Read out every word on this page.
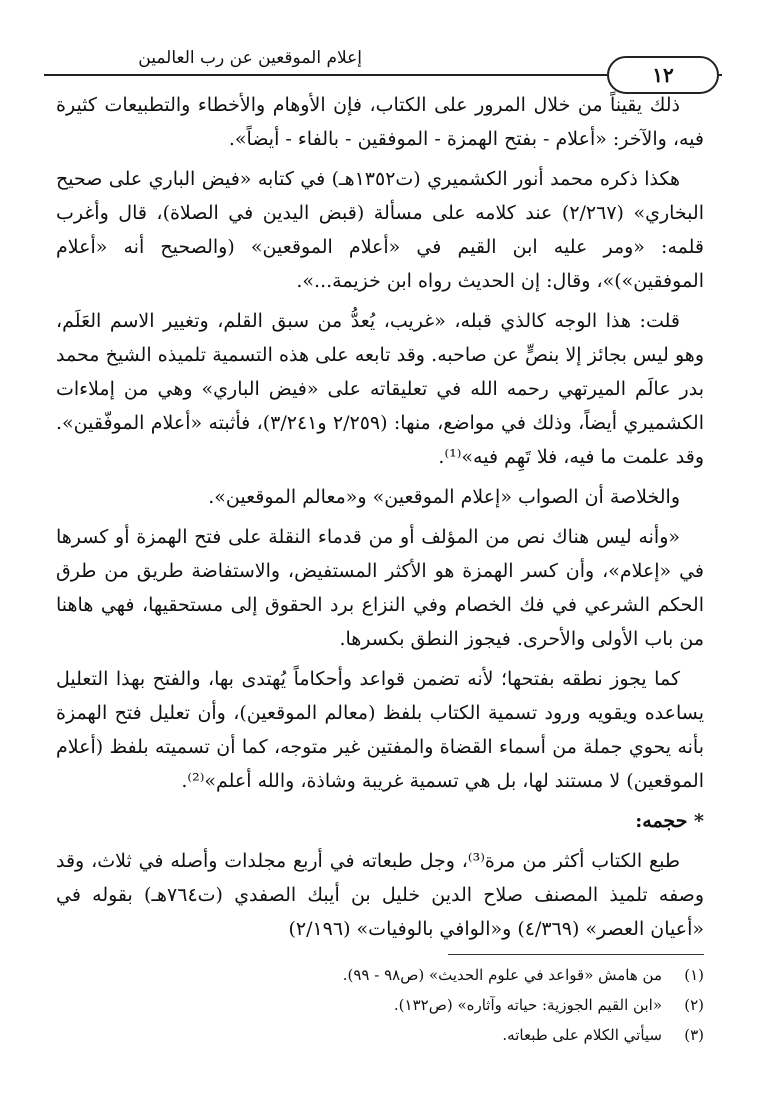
١٢
إعلام الموقعين عن رب العالمين

ذلك يقيناً من خلال المرور على الكتاب، فإن الأوهام والأخطاء والتطبيعات كثيرة فيه، والآخر: «أعلام - بفتح الهمزة - الموفقين - بالفاء - أيضاً».

هكذا ذكره محمد أنور الكشميري (ت١٣٥٢هـ) في كتابه «فيض الباري على صحيح البخاري» (٢/٢٦٧) عند كلامه على مسألة (قبض اليدين في الصلاة)، قال وأغرب قلمه: «ومر عليه ابن القيم في «أعلام الموقعين» (والصحيح أنه «أعلام الموفقين»)»، وقال: إن الحديث رواه ابن خزيمة...».

قلت: هذا الوجه كالذي قبله، «غريب، يُعدُّ من سبق القلم، وتغيير الاسم العَلَم، وهو ليس بجائز إلا بنصٍّ عن صاحبه. وقد تابعه على هذه التسمية تلميذه الشيخ محمد بدر عالَم الميرتهي رحمه الله في تعليقاته على «فيض الباري» وهي من إملاءات الكشميري أيضاً، وذلك في مواضع، منها: (٢/٢٥٩ و٣/٢٤١)، فأثبته «أعلام الموفّقين». وقد علمت ما فيه، فلا تَهِم فيه»⁽¹⁾.

والخلاصة أن الصواب «إعلام الموقعين» و«معالم الموقعين».

«وأنه ليس هناك نص من المؤلف أو من قدماء النقلة على فتح الهمزة أو كسرها في «إعلام»، وأن كسر الهمزة هو الأكثر المستفيض، والاستفاضة طريق من طرق الحكم الشرعي في فك الخصام وفي النزاع برد الحقوق إلى مستحقيها، فهي هاهنا من باب الأولى والأحرى. فيجوز النطق بكسرها.

كما يجوز نطقه بفتحها؛ لأنه تضمن قواعد وأحكاماً يُهتدى بها، والفتح بهذا التعليل يساعده ويقويه ورود تسمية الكتاب بلفظ (معالم الموقعين)، وأن تعليل فتح الهمزة بأنه يحوي جملة من أسماء القضاة والمفتين غير متوجه، كما أن تسميته بلفظ (أعلام الموقعين) لا مستند لها، بل هي تسمية غريبة وشاذة، والله أعلم»⁽²⁾.

* حجمه:

طبع الكتاب أكثر من مرة⁽³⁾، وجل طبعاته في أربع مجلدات وأصله في ثلاث، وقد وصفه تلميذ المصنف صلاح الدين خليل بن أيبك الصفدي (ت٧٦٤هـ) بقوله في «أعيان العصر» (٤/٣٦٩) و«الوافي بالوفيات» (٢/١٩٦)

(١)
من هامش «قواعد في علوم الحديث» (ص٩٨ - ٩٩).
(٢)
«ابن القيم الجوزية: حياته وآثاره» (ص١٣٢).
(٣)
سيأتي الكلام على طبعاته.
